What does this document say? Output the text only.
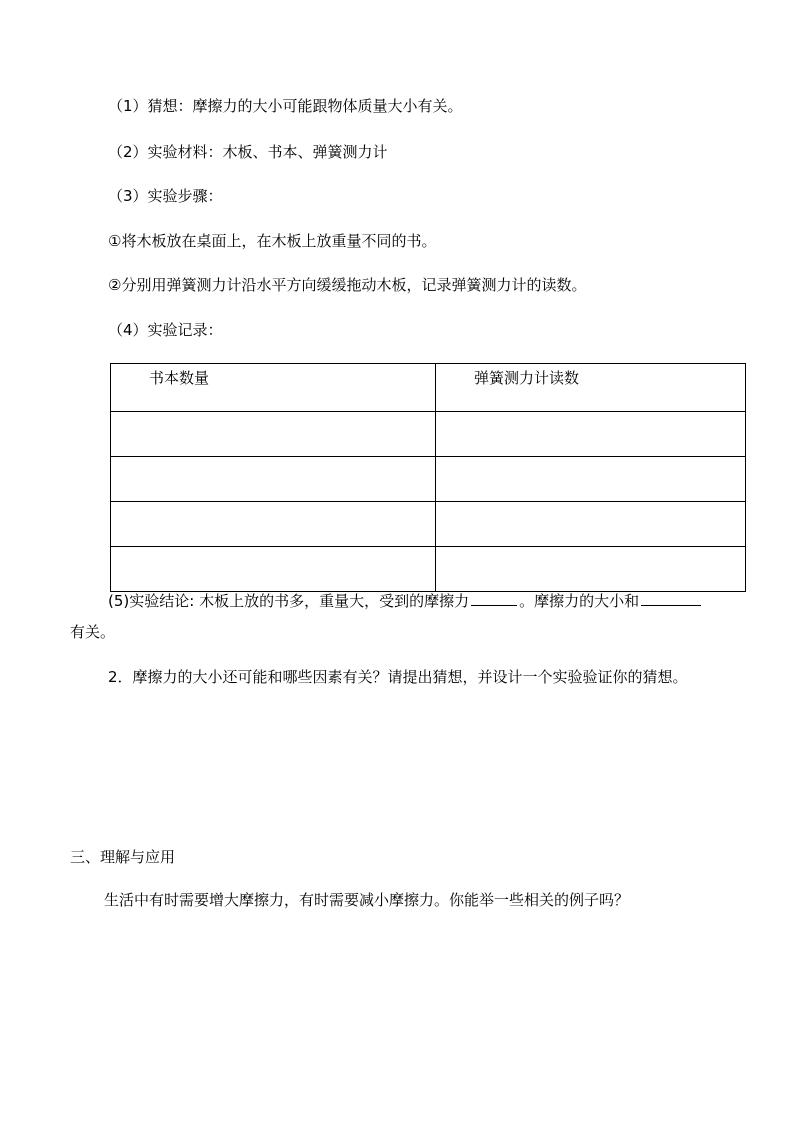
（1）猜想：摩擦力的大小可能跟物体质量大小有关。
（2）实验材料：木板、书本、弹簧测力计
（3）实验步骤：
①将木板放在桌面上，在木板上放重量不同的书。
②分别用弹簧测力计沿水平方向缓缓拖动木板，记录弹簧测力计的读数。
（4）实验记录：
书本数量	弹簧测力计读数

(5)实验结论: 木板上放的书多，重量大，受到的摩擦力	。摩擦力的大小和
有关。
2．摩擦力的大小还可能和哪些因素有关？请提出猜想，并设计一个实验验证你的猜想。
三、理解与应用
生活中有时需要增大摩擦力，有时需要减小摩擦力。你能举一些相关的例子吗？
